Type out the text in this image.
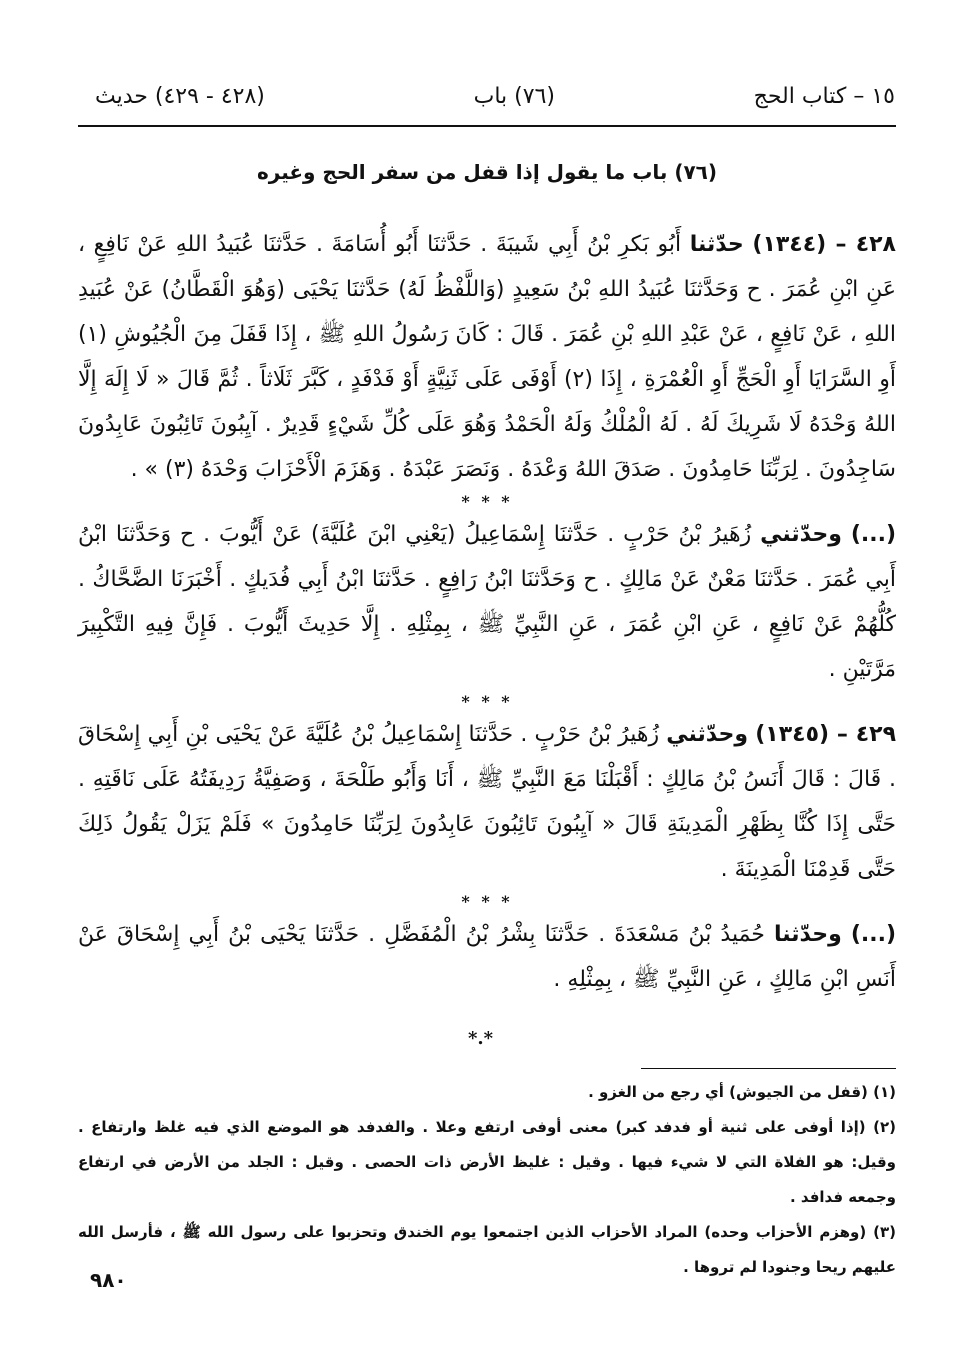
١٥ – كتاب الحج
(٧٦) باب
(٤٢٨ - ٤٢٩) حديث
(٧٦) باب ما يقول إذا قفل من سفر الحج وغيره

٤٢٨ – (١٣٤٤) حدّثنا أَبُو بَكرِ بْنُ أَبِي شَيبَةَ . حَدَّثنَا أَبُو أُسَامَةَ . حَدَّثنَا عُبَيدُ اللهِ عَنْ نَافِعٍ ، عَنِ ابْنِ عُمَرَ . ح وَحَدَّثنَا عُبَيدُ اللهِ بْنُ سَعِيدٍ (وَاللَّفْظُ لَهُ) حَدَّثنَا يَحْيَى (وَهُوَ الْقَطَّانُ) عَنْ عُبَيدِ اللهِ ، عَنْ نَافِعٍ ، عَنْ عَبْدِ اللهِ بْنِ عُمَرَ . قَالَ : كَانَ رَسُولُ اللهِ ﷺ ، إِذَا قَفَلَ مِنَ الْجُيُوشِ (١) أَوِ السَّرَايَا أَوِ الْحَجِّ أَوِ الْعُمْرَةِ ، إِذَا (٢) أَوْفَى عَلَى ثَنِيَّةٍ أَوْ فَدْفَدٍ ، كَبَّرَ ثَلَاثاً . ثُمَّ قَالَ « لَا إِلَهَ إِلَّا اللهُ وَحْدَهُ لَا شَرِيكَ لَهُ . لَهُ الْمُلْكُ وَلَهُ الْحَمْدُ وَهُوَ عَلَى كُلِّ شَيْءٍ قَدِيرٌ . آيِبُونَ تَائِبُونَ عَابِدُونَ سَاجِدُونَ . لِرَبِّنَا حَامِدُونَ . صَدَقَ اللهُ وَعْدَهُ . وَنَصَرَ عَبْدَهُ . وَهَزَمَ الْأَحْزَابَ وَحْدَهُ (٣) » .

* * *

(...) وحدّثني زُهَيرُ بْنُ حَرْبٍ . حَدَّثنَا إِسْمَاعِيلُ (يَعْنِي ابْنَ عُلَيَّةَ) عَنْ أَيُّوبَ . ح وَحَدَّثنَا ابْنُ أَبِي عُمَرَ . حَدَّثنَا مَعْنٌ عَنْ مَالِكٍ . ح وَحَدَّثنَا ابْنُ رَافِعٍ . حَدَّثنَا ابْنُ أَبِي فُدَيكٍ . أَخْبَرَنَا الضَّحَّاكُ . كُلُّهُمْ عَنْ نَافِعٍ ، عَنِ ابْنِ عُمَرَ ، عَنِ النَّبِيِّ ﷺ ، بِمِثْلِهِ . إِلَّا حَدِيثَ أَيُّوبَ . فَإِنَّ فِيهِ التَّكْبِيرَ مَرَّتَيْنِ .

* * *

٤٢٩ – (١٣٤٥) وحدّثني زُهَيرُ بْنُ حَرْبٍ . حَدَّثنَا إِسْمَاعِيلُ بْنُ عُلَيَّةَ عَنْ يَحْيَى بْنِ أَبِي إِسْحَاقَ . قَالَ : قَالَ أَنَسُ بْنُ مَالِكٍ : أَقْبَلْنَا مَعَ النَّبِيِّ ﷺ ، أَنَا وَأَبُو طَلْحَةَ ، وَصَفِيَّةُ رَدِيفَتُهُ عَلَى نَاقَتِهِ . حَتَّى إِذَا كُنَّا بِظَهْرِ الْمَدِينَةِ قَالَ « آيِبُونَ تَائِبُونَ عَابِدُونَ لِرَبِّنَا حَامِدُونَ » فَلَمْ يَزَلْ يَقُولُ ذَلِكَ حَتَّى قَدِمْنَا الْمَدِينَةَ .

* * *

(...) وحدّثنا حُمَيدُ بْنُ مَسْعَدَةَ . حَدَّثنَا بِشْرُ بْنُ الْمُفَضَّلِ . حَدَّثنَا يَحْيَى بْنُ أَبِي إِسْحَاقَ عَنْ أَنَسِ ابْنِ مَالِكٍ ، عَنِ النَّبِيِّ ﷺ ، بِمِثْلِهِ .

*.*

(١) (قفل من الجيوش) أي رجع من الغزو .

(٢) (إذا أوفى على ثنية أو فدفد كبر) معنى أوفى ارتفع وعلا . والفدفد هو الموضع الذي فيه غلظ وارتفاع . وقيل: هو الفلاة التي لا شيء فيها . وقيل : غليظ الأرض ذات الحصى . وقيل : الجلد من الأرض في ارتفاع وجمعه فدافد .

(٣) (وهزم الأحزاب وحده) المراد الأحزاب الذين اجتمعوا يوم الخندق وتحزبوا على رسول الله ﷺ ، فأرسل الله عليهم ريحا وجنودا لم تروها .

٩٨٠
